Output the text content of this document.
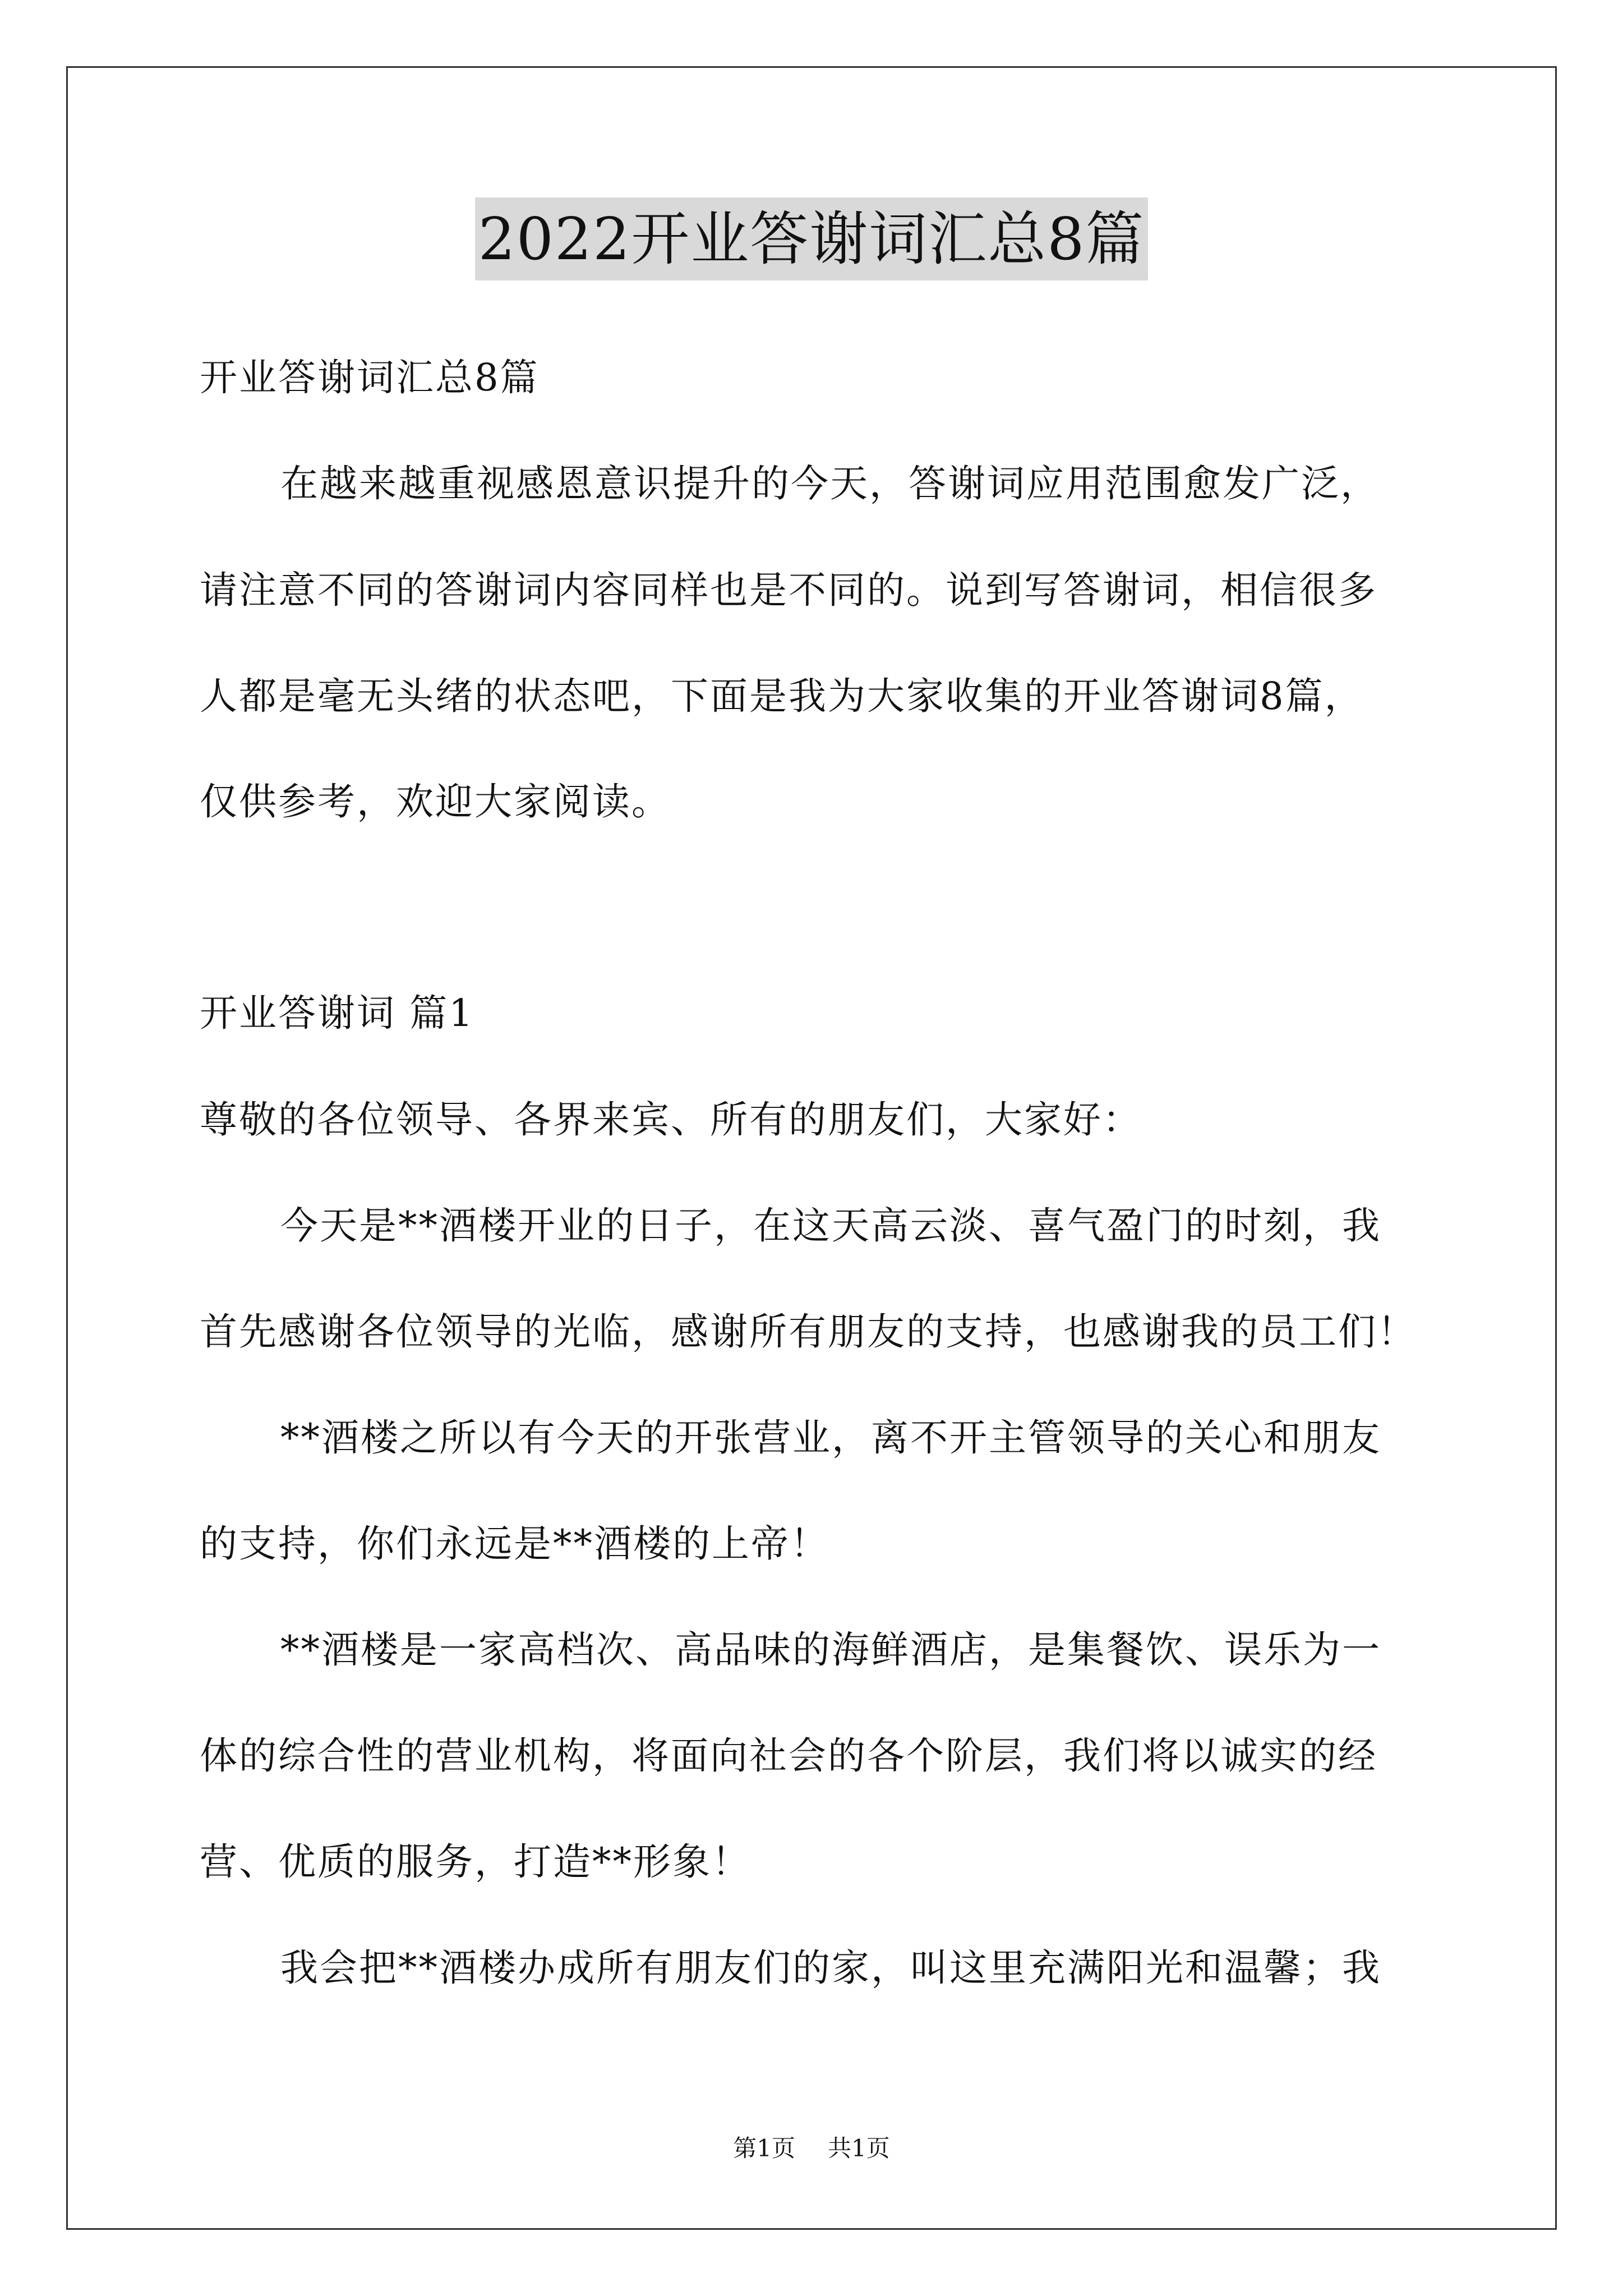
2022开业答谢词汇总8篇
开业答谢词汇总8篇
在越来越重视感恩意识提升的今天，答谢词应用范围愈发广泛，
请注意不同的答谢词内容同样也是不同的。说到写答谢词，相信很多
人都是毫无头绪的状态吧，下面是我为大家收集的开业答谢词8篇，
仅供参考，欢迎大家阅读。
开业答谢词 篇1
尊敬的各位领导、各界来宾、所有的朋友们，大家好：
今天是**酒楼开业的日子，在这天高云淡、喜气盈门的时刻，我
首先感谢各位领导的光临，感谢所有朋友的支持，也感谢我的员工们！
**酒楼之所以有今天的开张营业，离不开主管领导的关心和朋友
的支持，你们永远是**酒楼的上帝！
**酒楼是一家高档次、高品味的海鲜酒店，是集餐饮、误乐为一
体的综合性的营业机构，将面向社会的各个阶层，我们将以诚实的经
营、优质的服务，打造**形象！
我会把**酒楼办成所有朋友们的家，叫这里充满阳光和温馨；我
第1页 共1页
